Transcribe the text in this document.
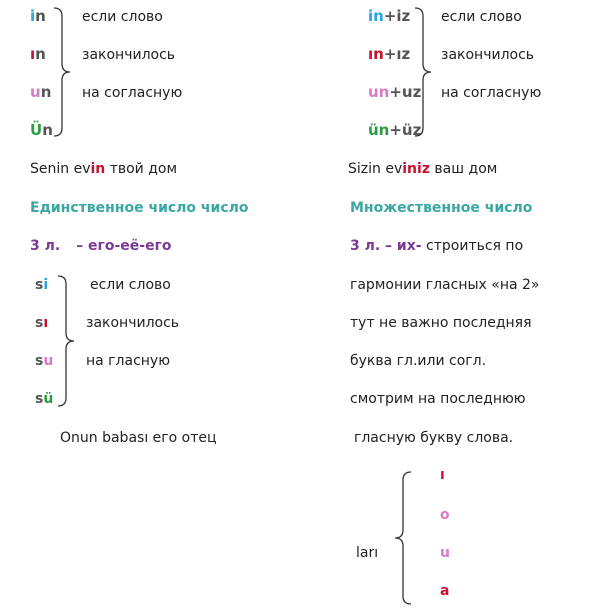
in
ın
un
Ün
если слово
закончилось
на согласную
Senin evin твой дом
Единственное число число
3 л. – его-её-его
si
sı
su
sü
если слово
закончилось
на гласную
Onun babası его отец
in+iz
ın+ız
un+uz
ün+üz
если слово
закончилось
на согласную
Sizin eviniz ваш дом
Множественное число
3 л. – их- строиться по
гармонии гласных «на 2»
тут не важно последняя
буква гл.или согл.
смотрим на последнюю
гласную букву слова.
ları
ı
o
u
a
